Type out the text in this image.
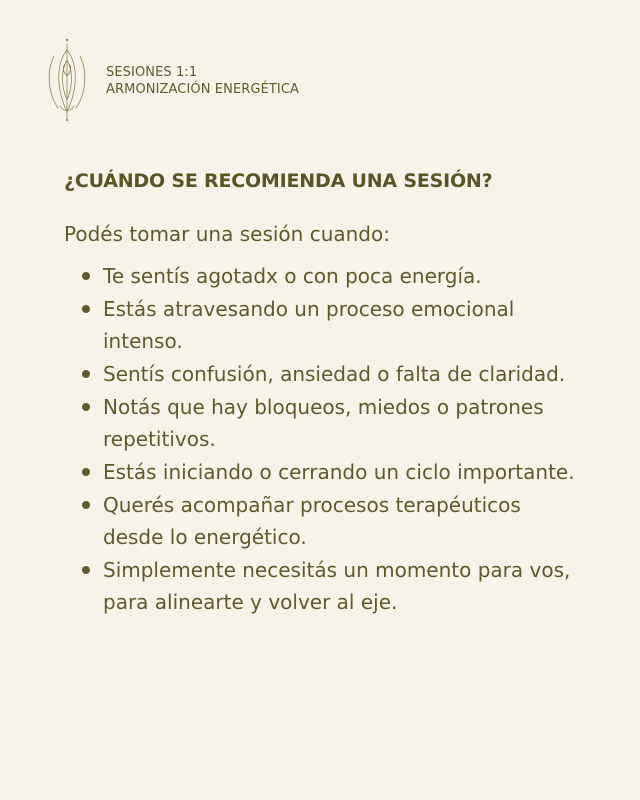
SESIONES 1:1
ARMONIZACIÓN ENERGÉTICA
¿CUÁNDO SE RECOMIENDA UNA SESIÓN?

Podés tomar una sesión cuando:

Te sentís agotadx o con poca energía.
Estás atravesando un proceso emocional intenso.
Sentís confusión, ansiedad o falta de claridad.
Notás que hay bloqueos, miedos o patrones repetitivos.
Estás iniciando o cerrando un ciclo importante.
Querés acompañar procesos terapéuticos desde lo energético.
Simplemente necesitás un momento para vos, para alinearte y volver al eje.
